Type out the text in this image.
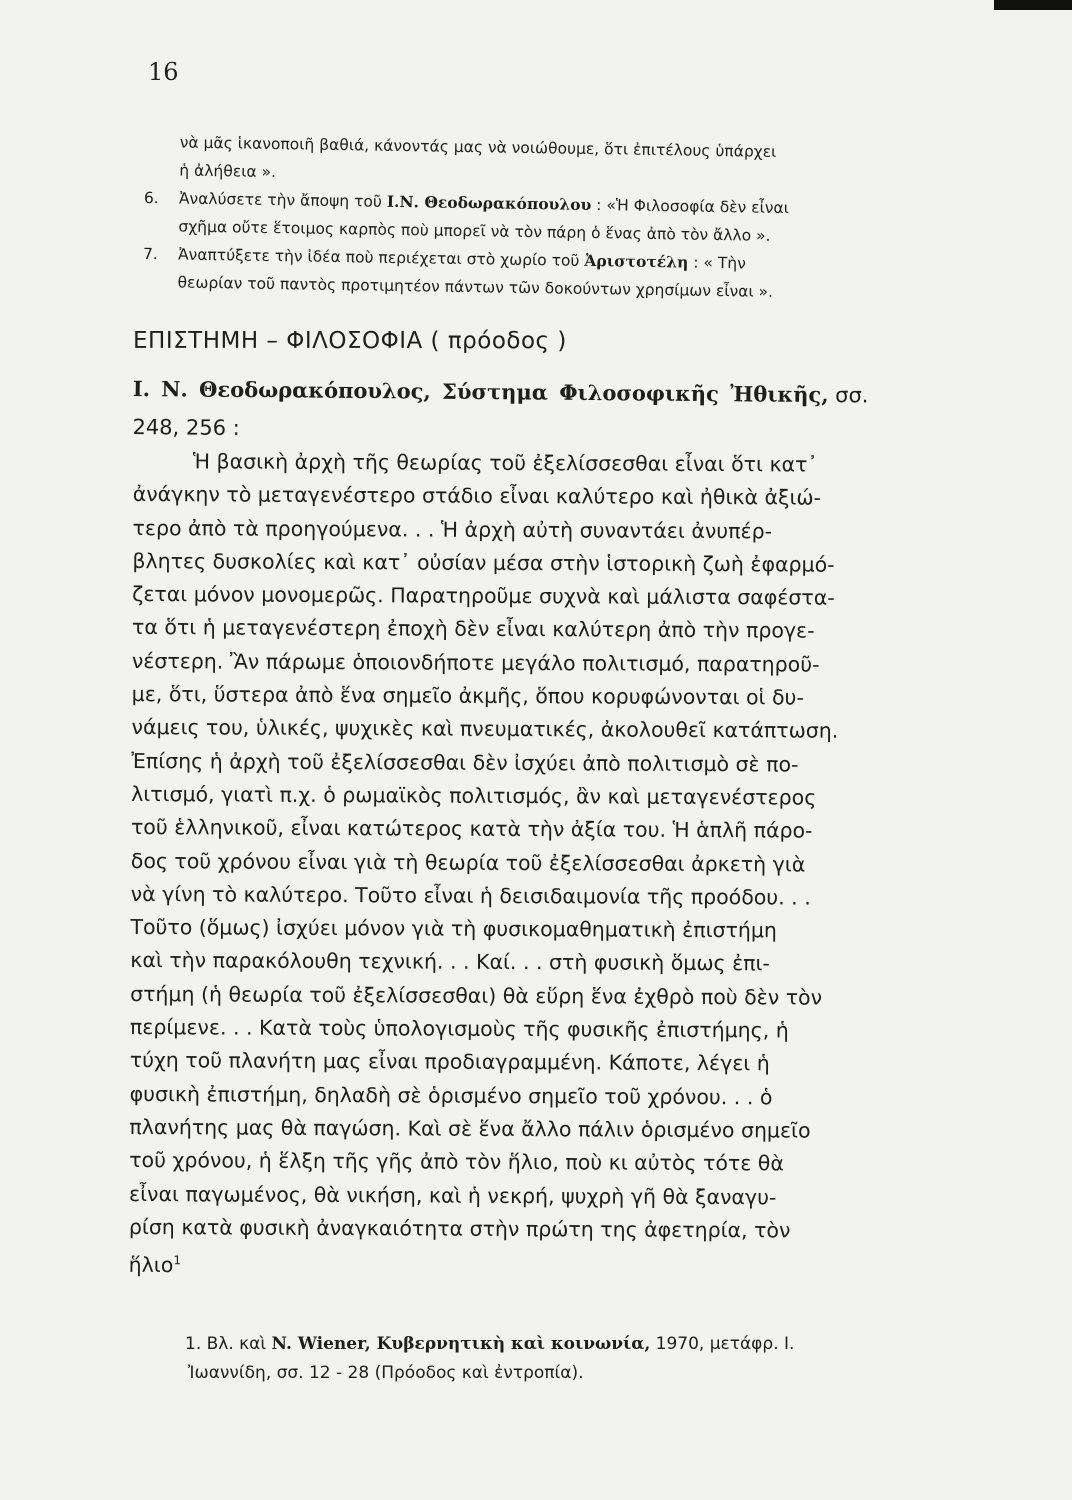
16
νὰ μᾶς ἱκανοποιῆ βαθιά, κάνοντάς μας νὰ νοιώθουμε, ὅτι ἐπιτέλους ὑπάρχει
ἡ ἀλήθεια ».
6. Ἀναλύσετε τὴν ἄποψη τοῦ Ι.Ν. Θεοδωρακόπουλου : «Ἡ Φιλοσοφία δὲν εἶναι
σχῆμα οὔτε ἕτοιμος καρπὸς ποὺ μπορεῖ νὰ τὸν πάρη ὁ ἕνας ἀπὸ τὸν ἄλλο ».
7. Ἀναπτύξετε τὴν ἰδέα ποὺ περιέχεται στὸ χωρίο τοῦ Ἀριστοτέλη : « Τὴν
θεωρίαν τοῦ παντὸς προτιμητέον πάντων τῶν δοκούντων χρησίμων εἶναι ».
ΕΠΙΣΤΗΜΗ – ΦΙΛΟΣΟΦΙΑ ( πρόοδος )
Ι. Ν. Θεοδωρακόπουλος, Σύστημα Φιλοσοφικῆς Ἠθικῆς, σσ.
248, 256 :
Ἡ βασικὴ ἀρχὴ τῆς θεωρίας τοῦ ἐξελίσσεσθαι εἶναι ὅτι κατ᾽
ἀνάγκην τὸ μεταγενέστερο στάδιο εἶναι καλύτερο καὶ ἠθικὰ ἀξιώ-
τερο ἀπὸ τὰ προηγούμενα. . . Ἡ ἀρχὴ αὐτὴ συναντάει ἀνυπέρ-
βλητες δυσκολίες καὶ κατ᾽ οὐσίαν μέσα στὴν ἱστορικὴ ζωὴ ἐφαρμό-
ζεται μόνον μονομερῶς. Παρατηροῦμε συχνὰ καὶ μάλιστα σαφέστα-
τα ὅτι ἡ μεταγενέστερη ἐποχὴ δὲν εἶναι καλύτερη ἀπὸ τὴν προγε-
νέστερη. Ἂν πάρωμε ὁποιονδήποτε μεγάλο πολιτισμό, παρατηροῦ-
με, ὅτι, ὕστερα ἀπὸ ἕνα σημεῖο ἀκμῆς, ὅπου κορυφώνονται οἱ δυ-
νάμεις του, ὑλικές, ψυχικὲς καὶ πνευματικές, ἀκολουθεῖ κατάπτωση.
Ἐπίσης ἡ ἀρχὴ τοῦ ἐξελίσσεσθαι δὲν ἰσχύει ἀπὸ πολιτισμὸ σὲ πο-
λιτισμό, γιατὶ π.χ. ὁ ρωμαϊκὸς πολιτισμός, ἂν καὶ μεταγενέστερος
τοῦ ἑλληνικοῦ, εἶναι κατώτερος κατὰ τὴν ἀξία του. Ἡ ἁπλῆ πάρο-
δος τοῦ χρόνου εἶναι γιὰ τὴ θεωρία τοῦ ἐξελίσσεσθαι ἀρκετὴ γιὰ
νὰ γίνη τὸ καλύτερο. Τοῦτο εἶναι ἡ δεισιδαιμονία τῆς προόδου. . .
Τοῦτο (ὅμως) ἰσχύει μόνον γιὰ τὴ φυσικομαθηματικὴ ἐπιστήμη
καὶ τὴν παρακόλουθη τεχνική. . . Καί. . . στὴ φυσικὴ ὅμως ἐπι-
στήμη (ἡ θεωρία τοῦ ἐξελίσσεσθαι) θὰ εὕρη ἕνα ἐχθρὸ ποὺ δὲν τὸν
περίμενε. . . Κατὰ τοὺς ὑπολογισμοὺς τῆς φυσικῆς ἐπιστήμης, ἡ
τύχη τοῦ πλανήτη μας εἶναι προδιαγραμμένη. Κάποτε, λέγει ἡ
φυσικὴ ἐπιστήμη, δηλαδὴ σὲ ὁρισμένο σημεῖο τοῦ χρόνου. . . ὁ
πλανήτης μας θὰ παγώση. Καὶ σὲ ἕνα ἄλλο πάλιν ὁρισμένο σημεῖο
τοῦ χρόνου, ἡ ἕλξη τῆς γῆς ἀπὸ τὸν ἥλιο, ποὺ κι αὐτὸς τότε θὰ
εἶναι παγωμένος, θὰ νικήση, καὶ ἡ νεκρή, ψυχρὴ γῆ θὰ ξαναγυ-
ρίση κατὰ φυσικὴ ἀναγκαιότητα στὴν πρώτη της ἀφετηρία, τὸν
ἥλιο$^1$
1. Βλ. καὶ N. Wiener, Κυβερνητικὴ καὶ κοινωνία, 1970, μετάφρ. Ι.
Ἰωαννίδη, σσ. 12 - 28 (Πρόοδος καὶ ἐντροπία).
